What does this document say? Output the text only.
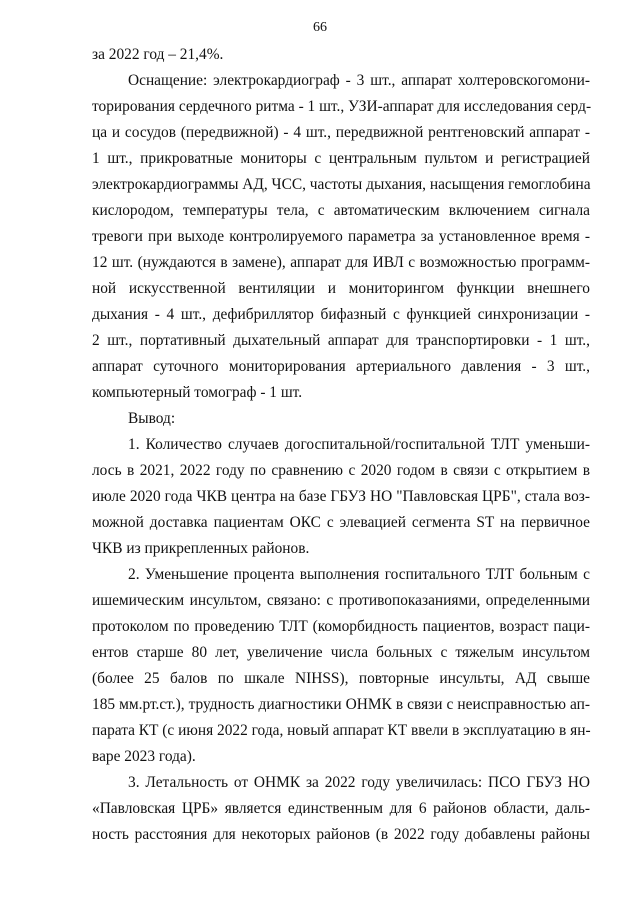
66
за 2022 год – 21,4%.
Оснащение: электрокардиограф - 3 шт., аппарат холтеровскогомони-
торирования сердечного ритма - 1 шт., УЗИ-аппарат для исследования серд-
ца и сосудов (передвижной) - 4 шт., передвижной рентгеновский аппарат -
1 шт., прикроватные мониторы с центральным пультом и регистрацией
электрокардиограммы АД, ЧСС, частоты дыхания, насыщения гемоглобина
кислородом, температуры тела, с автоматическим включением сигнала
тревоги при выходе контролируемого параметра за установленное время -
12 шт. (нуждаются в замене), аппарат для ИВЛ с возможностью программ-
ной искусственной вентиляции и мониторингом функции внешнего
дыхания - 4 шт., дефибриллятор бифазный с функцией синхронизации -
2 шт., портативный дыхательный аппарат для транспортировки - 1 шт.,
аппарат суточного мониторирования артериального давления - 3 шт.,
компьютерный томограф - 1 шт.
Вывод:
1. Количество случаев догоспитальной/госпитальной ТЛТ уменьши-
лось в 2021, 2022 году по сравнению с 2020 годом в связи с открытием в
июле 2020 года ЧКВ центра на базе ГБУЗ НО "Павловская ЦРБ", стала воз-
можной доставка пациентам ОКС с элевацией сегмента ST на первичное
ЧКВ из прикрепленных районов.
2. Уменьшение процента выполнения госпитального ТЛТ больным с
ишемическим инсультом, связано: с противопоказаниями, определенными
протоколом по проведению ТЛТ (коморбидность пациентов, возраст паци-
ентов старше 80 лет, увеличение числа больных с тяжелым инсультом
(более 25 балов по шкале NIHSS), повторные инсульты, АД свыше
185 мм.рт.ст.), трудность диагностики ОНМК в связи с неисправностью ап-
парата КТ (с июня 2022 года, новый аппарат КТ ввели в эксплуатацию в ян-
варе 2023 года).
3. Летальность от ОНМК за 2022 году увеличилась: ПСО ГБУЗ НО
«Павловская ЦРБ» является единственным для 6 районов области, даль-
ность расстояния для некоторых районов (в 2022 году добавлены районы
